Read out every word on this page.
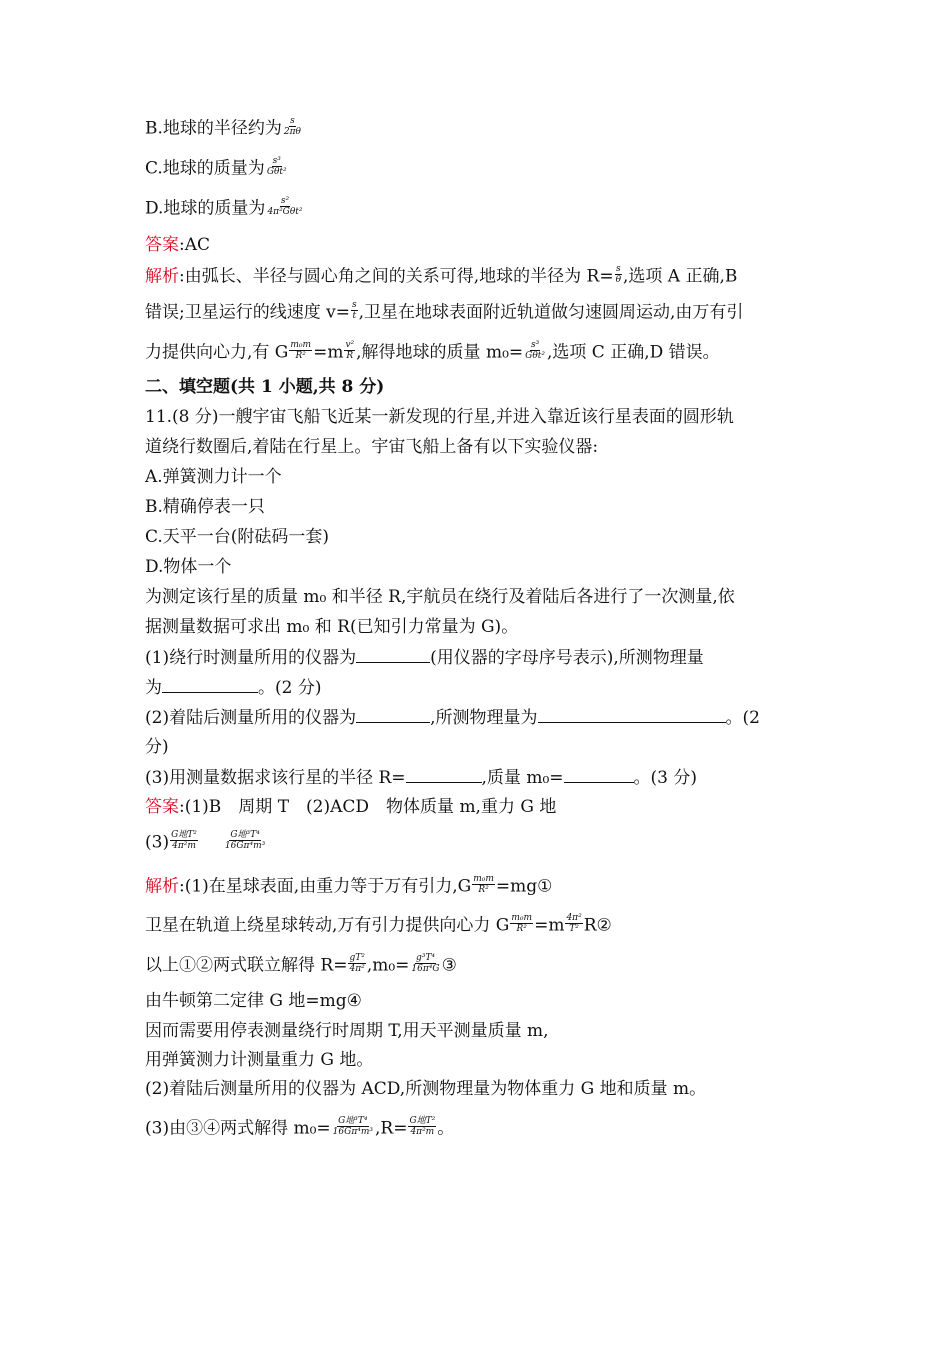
B.地球的半径约为 $\frac{s}{2\pi\theta}$
C.地球的质量为 s³
Gθt²
D.地球的质量为 s²
4π²Gθt²
答案:AC
解析:由弧长、半径与圆心角之间的关系可得,地球的半径为 $R= \frac{s}{\theta}$ ,选项 A 正确,B
错误;卫星运行的线速度 $v= \frac{s}{t}$ ,卫星在地球表面附近轨道做匀速圆周运动,由万有引
力提供向心力,有 G $\frac{\text{m₀m}}{\text{R²}} =m \frac{\text{v²}}{R}$ ,解得地球的质量 m₀= s³
Gθt² ,选项 C 正确,D 错误。
二、填空题(共 1 小题,共 8 分)
11.(8 分)一艘宇宙飞船飞近某一新发现的行星,并进入靠近该行星表面的圆形轨
道绕行数圈后,着陆在行星上。宇宙飞船上备有以下实验仪器:
A.弹簧测力计一个
B.精确停表一只
C.天平一台(附砝码一套)
D.物体一个
为测定该行星的质量 m₀ 和半径 R,宇航员在绕行及着陆后各进行了一次测量,依
据测量数据可求出 m₀ 和 R(已知引力常量为 G)。
(1)绕行时测量所用的仪器为	(用仪器的字母序号表示),所测物理量
为	。(2 分)
(2)着陆后测量所用的仪器为	,所测物理量为	。(2
分)
(3)用测量数据求该行星的半径 R=	,质量 m₀=	。(3 分)
答案:(1)B　周期 T　(2)ACD　物体质量 m,重力 G 地
(3) G地T²
4π²m
G地³T⁴
16Gπ⁴m³
解析:(1)在星球表面,由重力等于万有引力$,G \frac{\text{m₀m}}{\text{R²}}$ =mg①
卫星在轨道上绕星球转动,万有引力提供向心力 G $\frac{\text{m₀m}}{\text{R²}} =m \frac{\text{4π²}}{\text{T²}}$ R②
以上①②两式联立解得 $R= \frac{\text{gT²}}{\text{4π²}} ,m_0= \frac{\text{g³T⁴}}{\text{16π⁴G}}$ ③
由牛顿第二定律 G 地=mg④
因而需要用停表测量绕行时周期 T,用天平测量质量 m,
用弹簧测力计测量重力 G 地。
(2)着陆后测量所用的仪器为 ACD,所测物理量为物体重力 G 地和质量 m。
(3)由③④两式解得 m₀= G地³T⁴
16Gπ⁴m³ ,R= G地T²
4π²m 。
